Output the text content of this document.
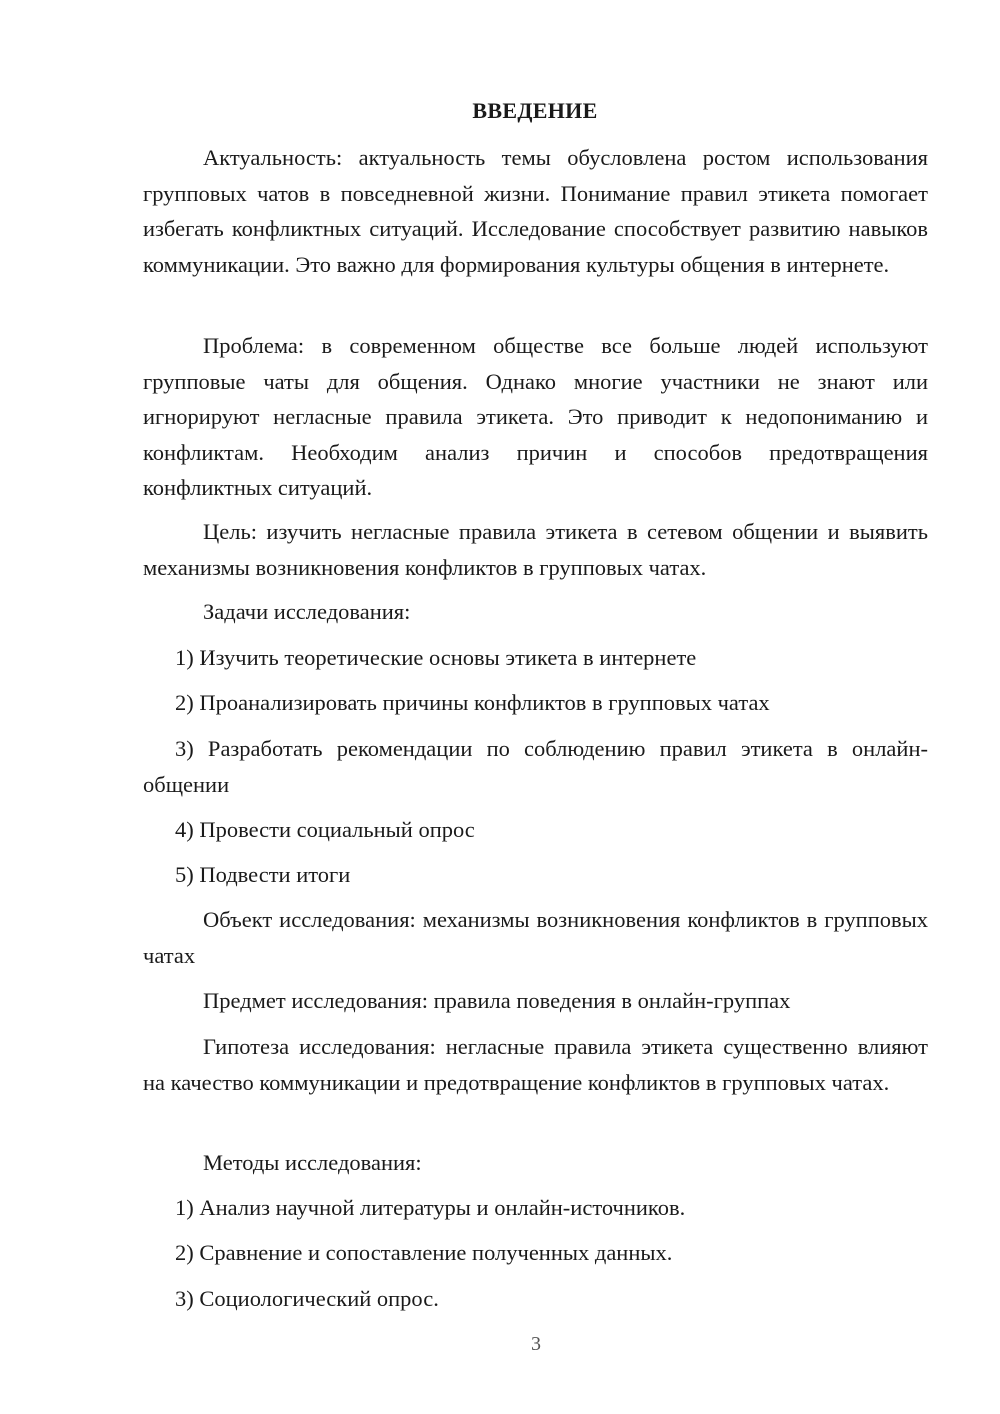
ВВЕДЕНИЕ

Актуальность: актуальность темы обусловлена ростом использования групповых чатов в повседневной жизни. Понимание правил этикета помогает избегать конфликтных ситуаций. Исследование способствует развитию навыков коммуникации. Это важно для формирования культуры общения в интернете.

Проблема: в современном обществе все больше людей используют групповые чаты для общения. Однако многие участники не знают или игнорируют негласные правила этикета. Это приводит к недопониманию и конфликтам. Необходим анализ причин и способов предотвращения конфликтных ситуаций.

Цель: изучить негласные правила этикета в сетевом общении и выявить механизмы возникновения конфликтов в групповых чатах.

Задачи исследования:

1) Изучить теоретические основы этикета в интернете

2) Проанализировать причины конфликтов в групповых чатах

3) Разработать рекомендации по соблюдению правил этикета в онлайн-общении

4) Провести социальный опрос

5) Подвести итоги

Объект исследования: механизмы возникновения конфликтов в групповых чатах

Предмет исследования: правила поведения в онлайн-группах

Гипотеза исследования: негласные правила этикета существенно влияют на качество коммуникации и предотвращение конфликтов в групповых чатах.

Методы исследования:

1) Анализ научной литературы и онлайн-источников.

2) Сравнение и сопоставление полученных данных.

3) Социологический опрос.

3
